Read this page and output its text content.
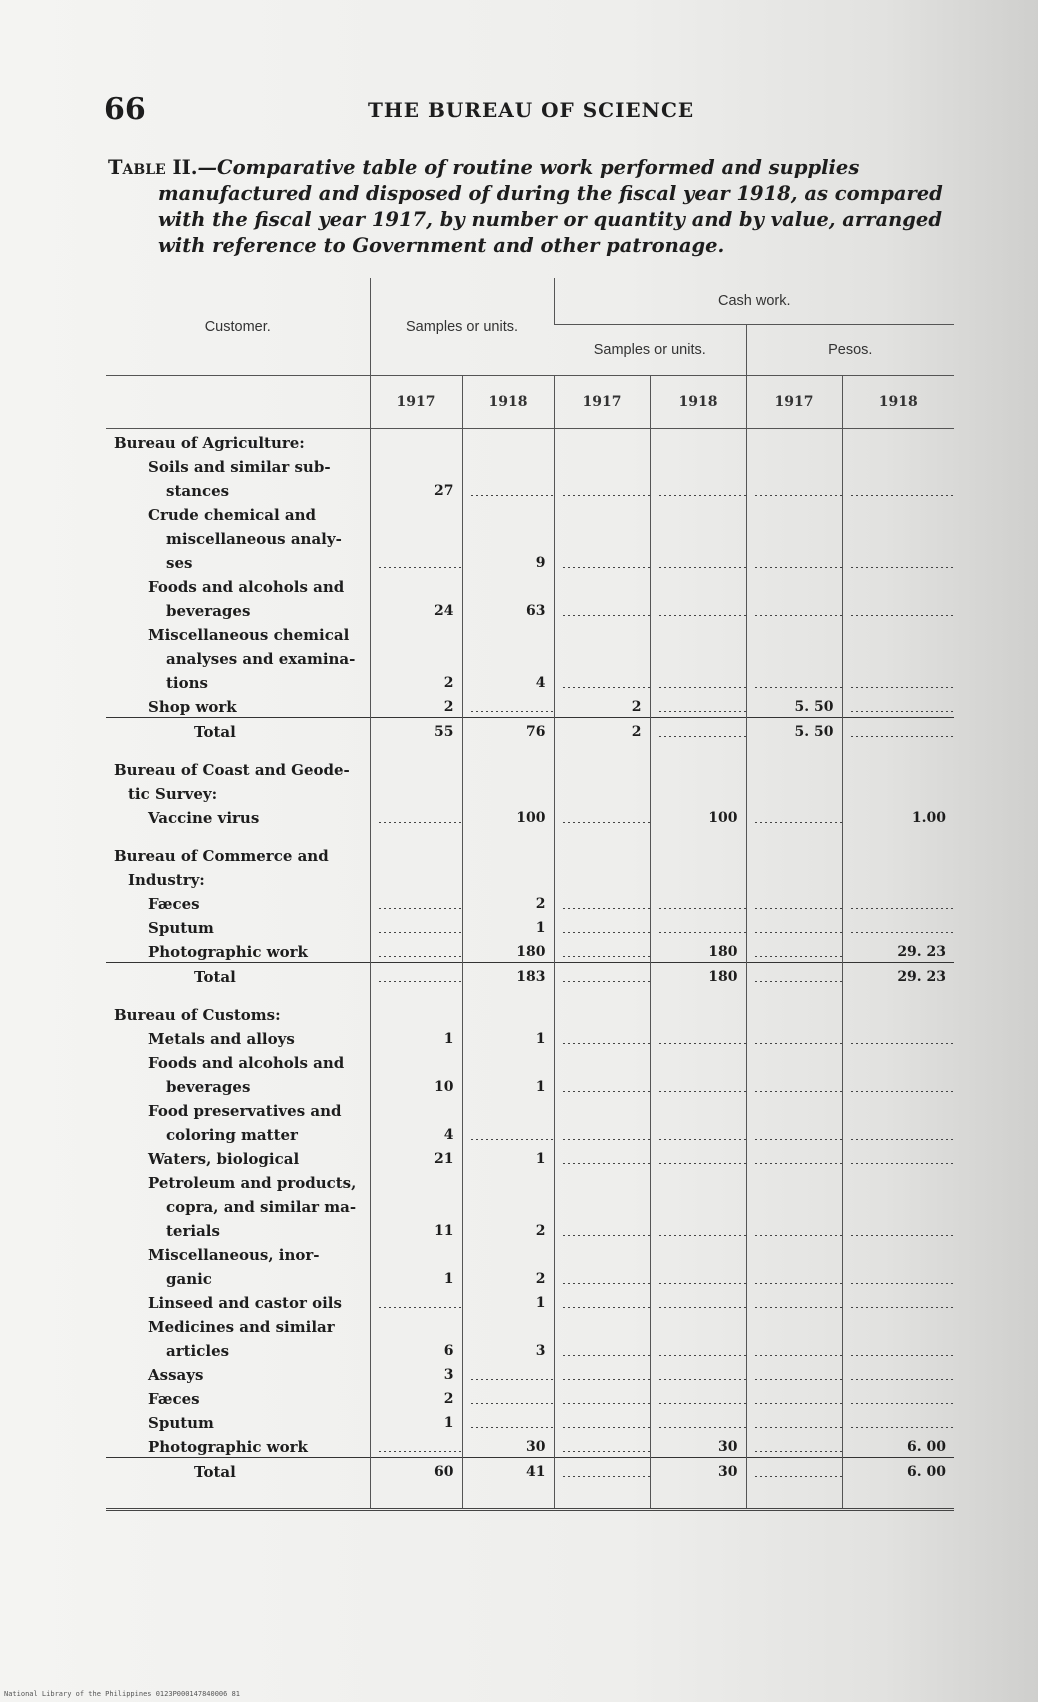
66	THE BUREAU OF SCIENCE
Table II.—Comparative table of routine work performed and supplies
manufactured and disposed of during the fiscal year 1918, as compared
with the fiscal year 1917, by number or quantity and by value, arranged
with reference to Government and other patronage.
Customer.	Samples or units.		Cash work.			
			Samples or units.		Pesos.	
	1917	1918	1917	1918	1917	1918
Bureau of Agriculture:						
Soils and similar sub-						
stances	27					
Crude chemical and						
miscellaneous analy-						
ses		9				
Foods and alcohols and						
beverages	24	63				
Miscellaneous chemical						
analyses and examina-						
tions	2	4				
Shop work	2		2		5. 50	
Total	55	76	2		5. 50	

Bureau of Coast and Geode-						
tic Survey:						
Vaccine virus		100		100		1.00

Bureau of Commerce and						
Industry:						
Fæces		2				
Sputum		1				
Photographic work		180		180		29. 23
Total		183		180		29. 23

Bureau of Customs:						
Metals and alloys	1	1				
Foods and alcohols and						
beverages	10	1				
Food preservatives and						
coloring matter	4					
Waters, biological	21	1				
Petroleum and products,						
copra, and similar ma-						
terials	11	2				
Miscellaneous, inor-						
ganic	1	2				
Linseed and castor oils		1				
Medicines and similar						
articles	6	3				
Assays	3					
Fæces	2					
Sputum	1					
Photographic work		30		30		6. 00
Total	60	41		30		6. 00

National Library of the Philippines 0123P000147840006 81
